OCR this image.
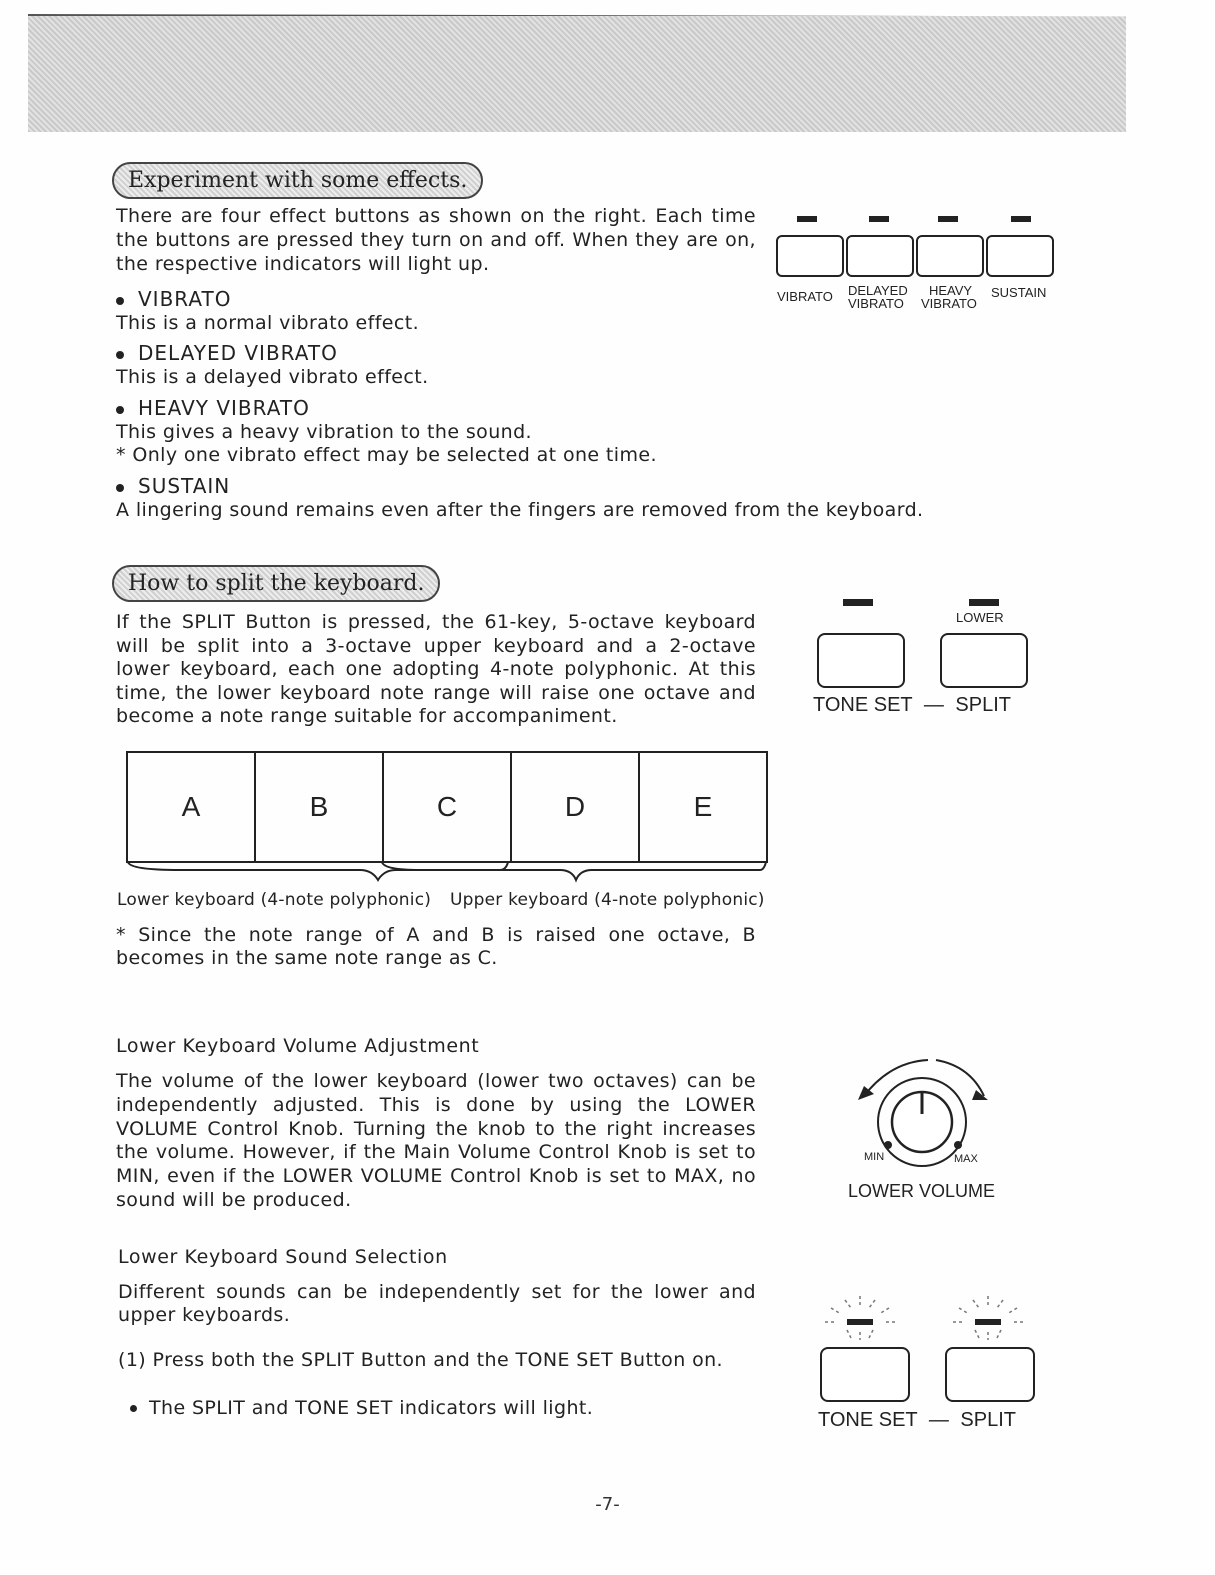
Experiment with some effects.
There are four effect buttons as shown on the right. Each time the buttons are pressed they turn on and off. When they are on, the respective indicators will light up.
VIBRATO
This is a normal vibrato effect.
DELAYED VIBRATO
This is a delayed vibrato effect.
HEAVY VIBRATO
This gives a heavy vibration to the sound.
* Only one vibrato effect may be selected at one time.
SUSTAIN
A lingering sound remains even after the fingers are removed from the keyboard.
VIBRATO DELAYED
VIBRATO
HEAVY
VIBRATO
SUSTAIN
How to split the keyboard.
If the SPLIT Button is pressed, the 61-key, 5-octave keyboard will be split into a 3-octave upper keyboard and a 2-octave lower keyboard, each one adopting 4-note polyphonic. At this time, the lower keyboard note range will raise one octave and become a note range suitable for accompaniment.
LOWER
TONE SET — SPLIT
A	B	C	D	E
Lower keyboard (4-note polyphonic) Upper keyboard (4-note polyphonic)
* Since the note range of A and B is raised one octave, B becomes in the same note range as C.
Lower Keyboard Volume Adjustment
The volume of the lower keyboard (lower two octaves) can be independently adjusted. This is done by using the LOWER VOLUME Control Knob. Turning the knob to the right increases the volume. However, if the Main Volume Control Knob is set to MIN, even if the LOWER VOLUME Control Knob is set to MAX, no sound will be produced.
MIN	MAX
LOWER VOLUME
Lower Keyboard Sound Selection
Different sounds can be independently set for the lower and upper keyboards.
(1) Press both the SPLIT Button and the TONE SET Button on.
The SPLIT and TONE SET indicators will light.
TONE SET — SPLIT
-7-
